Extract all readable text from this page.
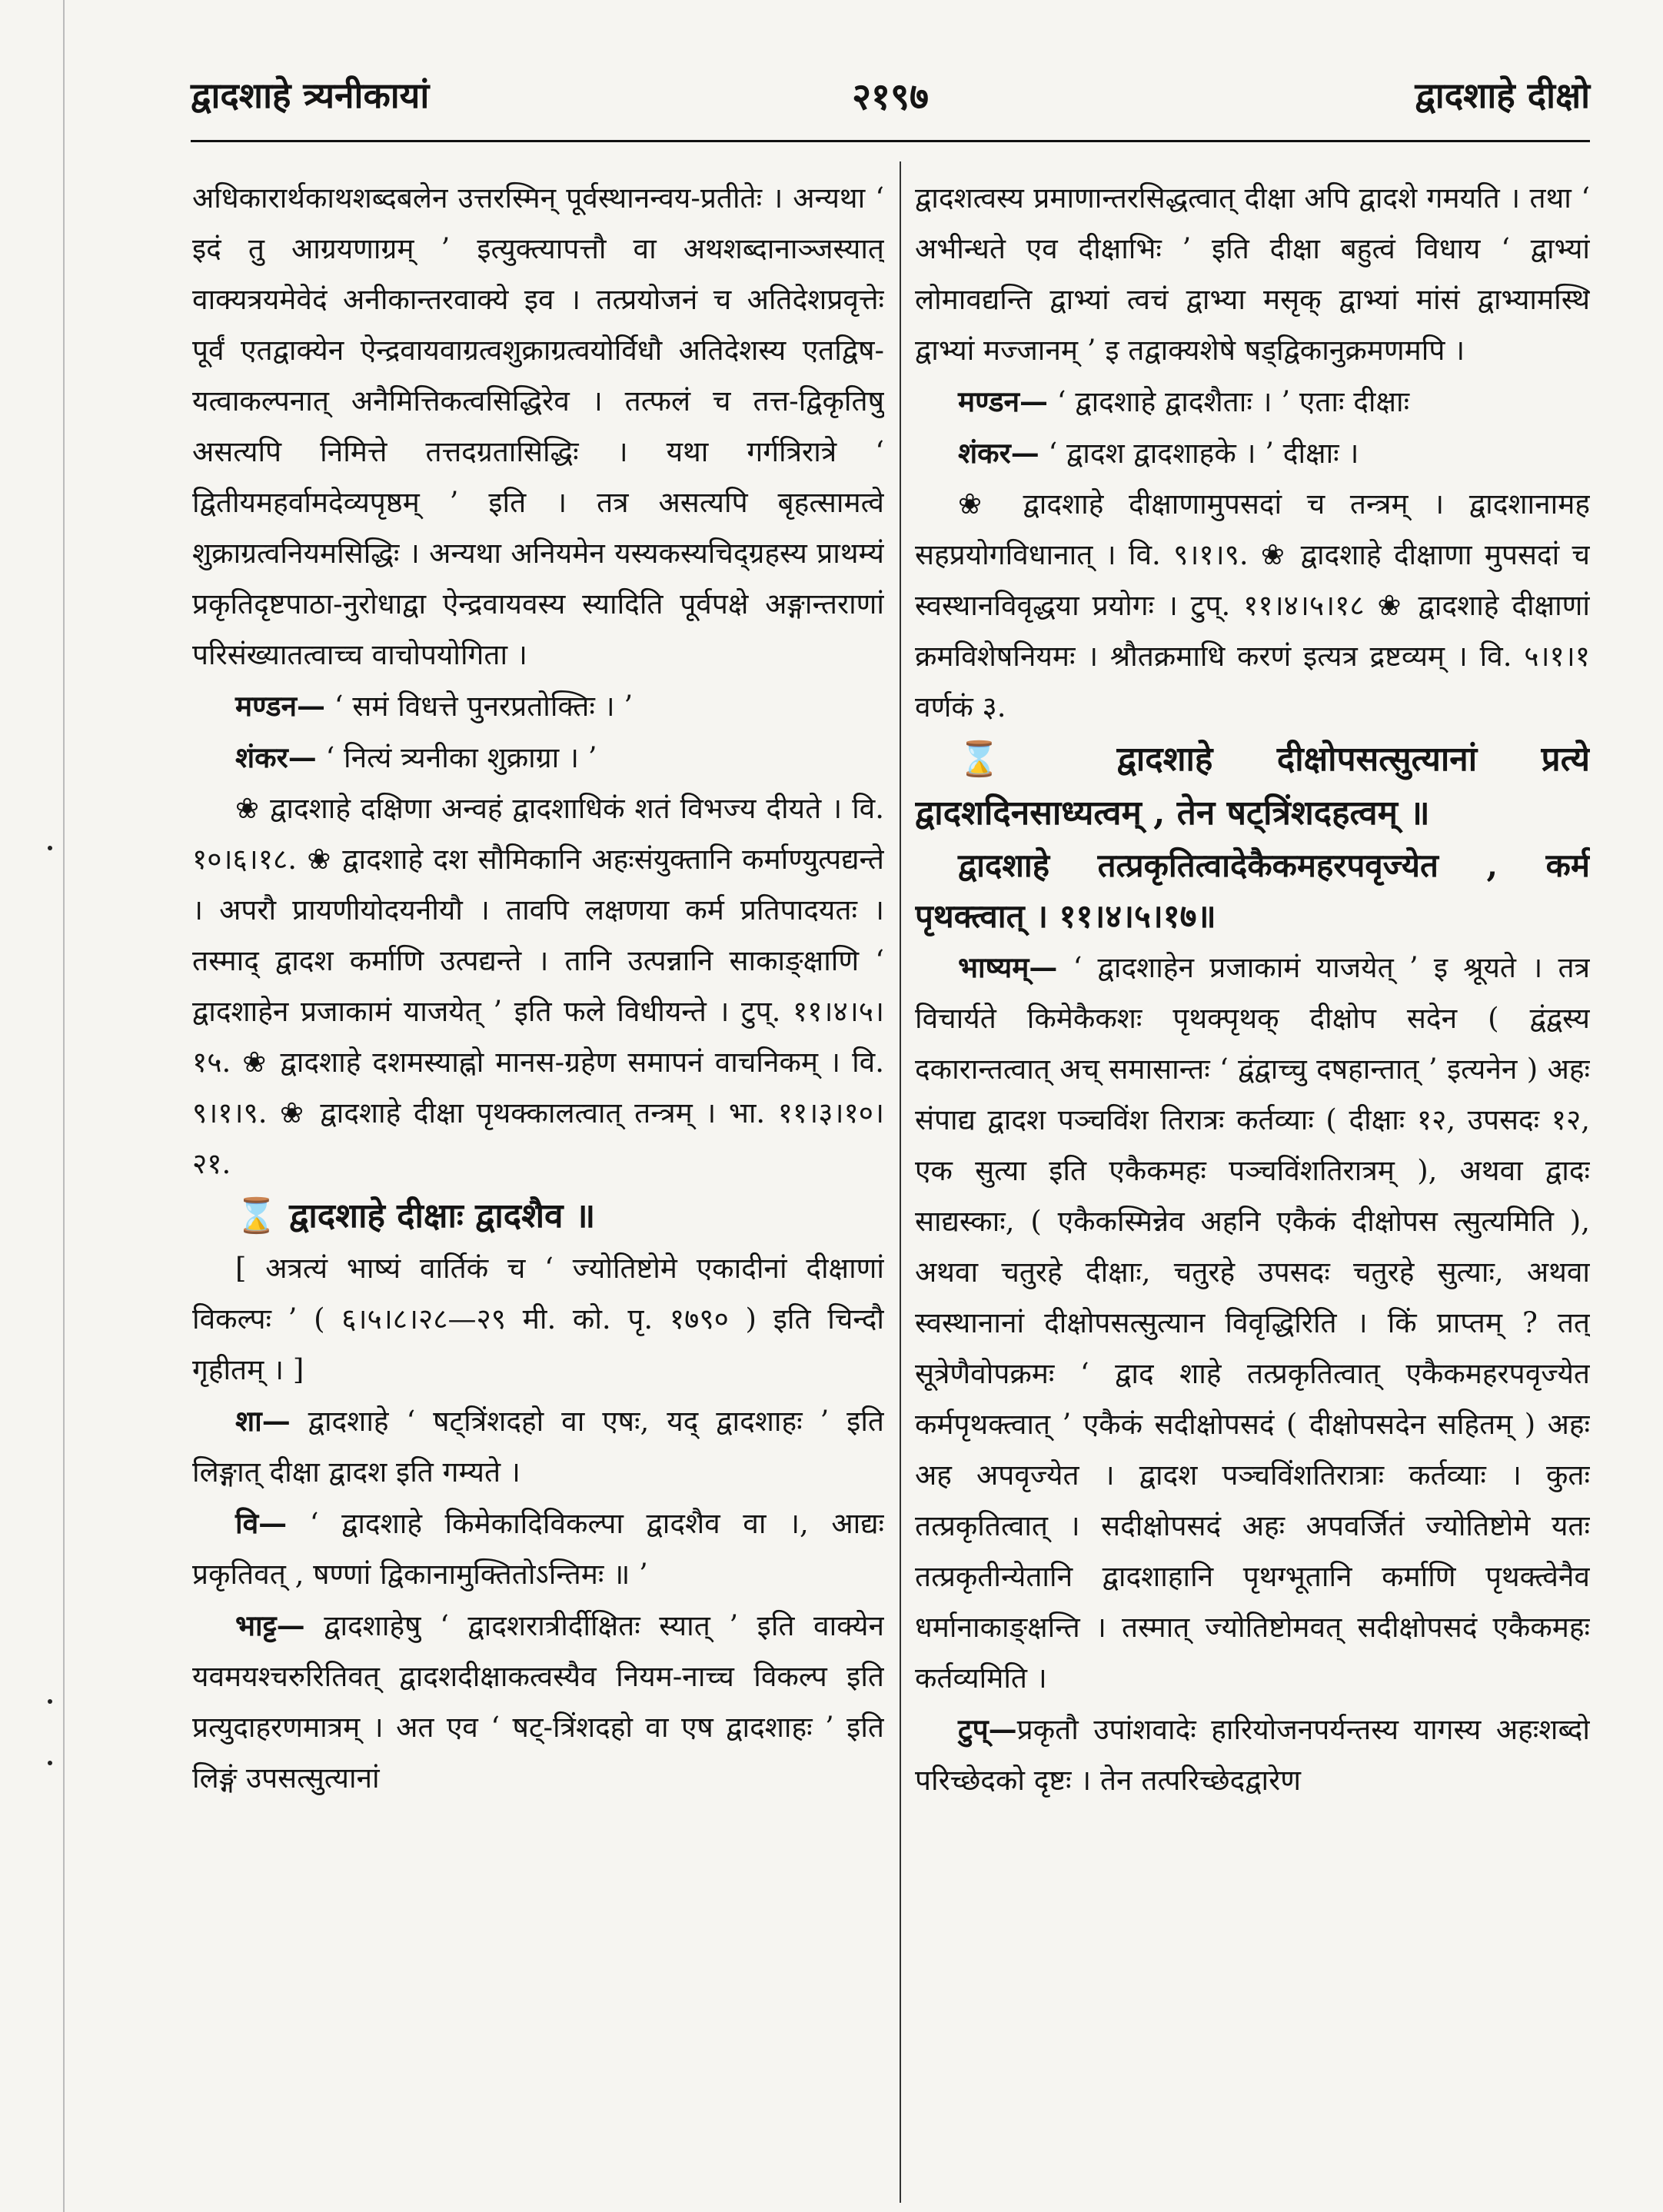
द्वादशाहे त्र्यनीकायां	२१९७	द्वादशाहे दीक्षो

अधिकारार्थकाथशब्दबलेन उत्तरस्मिन् पूर्वस्थानन्वय-प्रतीतेः । अन्यथा ‘ इदं तु आग्रयणाग्रम् ’ इत्युक्त्यापत्तौ वा अथशब्दानाञ्जस्यात् वाक्यत्रयमेवेदं अनीकान्तरवाक्ये इव । तत्प्रयोजनं च अतिदेशप्रवृत्तेः पूर्वं एतद्वाक्येन ऐन्द्रवायवाग्रत्वशुक्राग्रत्वयोर्विधौ अतिदेशस्य एतद्विष-यत्वाकल्पनात् अनैमित्तिकत्वसिद्धिरेव । तत्फलं च तत्त-द्विकृतिषु असत्यपि निमित्ते तत्तदग्रतासिद्धिः । यथा गर्गत्रिरात्रे ‘ द्वितीयमहर्वामदेव्यपृष्ठम् ’ इति । तत्र असत्यपि बृहत्सामत्वे शुक्राग्रत्वनियमसिद्धिः । अन्यथा अनियमेन यस्यकस्यचिद्ग्रहस्य प्राथम्यं प्रकृतिदृष्टपाठा-नुरोधाद्वा ऐन्द्रवायवस्य स्यादिति पूर्वपक्षे अङ्गान्तराणां परिसंख्यातत्वाच्च वाचोपयोगिता ।

मण्डन— ‘ समं विधत्ते पुनरप्रतोक्तिः । ’

शंकर— ‘ नित्यं त्र्यनीका शुक्राग्रा । ’

❀ द्वादशाहे दक्षिणा अन्वहं द्वादशाधिकं शतं विभज्य दीयते । वि. १०।६।१८. ❀ द्वादशाहे दश सौमिकानि अहःसंयुक्तानि कर्माण्युत्पद्यन्ते । अपरौ प्रायणीयोदयनीयौ । तावपि लक्षणया कर्म प्रतिपादयतः । तस्माद् द्वादश कर्माणि उत्पद्यन्ते । तानि उत्पन्नानि साकाङ्क्षाणि ‘ द्वादशाहेन प्रजाकामं याजयेत् ’ इति फले विधीयन्ते । टुप्. ११।४।५।१५. ❀ द्वादशाहे दशमस्याह्नो मानस-ग्रहेण समापनं वाचनिकम् । वि. ९।१।९. ❀ द्वादशाहे दीक्षा पृथक्कालत्वात् तन्त्रम् । भा. ११।३।१०।२१.

⌛ द्वादशाहे दीक्षाः द्वादशैव ॥

[ अत्रत्यं भाष्यं वार्तिकं च ‘ ज्योतिष्टोमे एकादीनां दीक्षाणां विकल्पः ’ ( ६।५।८।२८—२९ मी. को. पृ. १७९० ) इति चिन्दौ गृहीतम् । ]

शा— द्वादशाहे ‘ षट्त्रिंशदहो वा एषः, यद् द्वादशाहः ’ इति लिङ्गात् दीक्षा द्वादश इति गम्यते ।

वि— ‘ द्वादशाहे किमेकादिविकल्पा द्वादशैव वा ।, आद्यः प्रकृतिवत् , षण्णां द्विकानामुक्तितोऽन्तिमः ॥ ’

भाट्ट— द्वादशाहेषु ‘ द्वादशरात्रीर्दीक्षितः स्यात् ’ इति वाक्येन यवमयश्चरुरितिवत् द्वादशदीक्षाकत्वस्यैव नियम-नाच्च विकल्प इति प्रत्युदाहरणमात्रम् । अत एव ‘ षट्-त्रिंशदहो वा एष द्वादशाहः ’ इति लिङ्गं उपसत्सुत्यानां

द्वादशत्वस्य प्रमाणान्तरसिद्धत्वात् दीक्षा अपि द्वादशे गमयति । तथा ‘ अभीन्धते एव दीक्षाभिः ’ इति दीक्षा बहुत्वं विधाय ‘ द्वाभ्यां लोमावद्यन्ति द्वाभ्यां त्वचं द्वाभ्या मसृक् द्वाभ्यां मांसं द्वाभ्यामस्थि द्वाभ्यां मज्जानम् ’ इ तद्वाक्यशेषे षड्द्विकानुक्रमणमपि ।

मण्डन— ‘ द्वादशाहे द्वादशैताः । ’ एताः दीक्षाः

शंकर— ‘ द्वादश द्वादशाहके । ’ दीक्षाः ।

❀ द्वादशाहे दीक्षाणामुपसदां च तन्त्रम् । द्वादशानामह सहप्रयोगविधानात् । वि. ९।१।९. ❀ द्वादशाहे दीक्षाणा मुपसदां च स्वस्थानविवृद्धया प्रयोगः । टुप्. ११।४।५।१८ ❀ द्वादशाहे दीक्षाणां क्रमविशेषनियमः । श्रौतक्रमाधि करणं इत्यत्र द्रष्टव्यम् । वि. ५।१।१ वर्णकं ३.

⌛ द्वादशाहे दीक्षोपसत्सुत्यानां प्रत्ये द्वादशदिनसाध्यत्वम् , तेन षट्त्रिंशदहत्वम् ॥

द्वादशाहे तत्प्रकृतित्वादेकैकमहरपवृज्येत , कर्म पृथक्त्वात् । ११।४।५।१७॥

भाष्यम्— ‘ द्वादशाहेन प्रजाकामं याजयेत् ’ इ श्रूयते । तत्र विचार्यते किमेकैकशः पृथक्पृथक् दीक्षोप सदेन ( द्वंद्वस्य दकारान्तत्वात् अच् समासान्तः ‘ द्वंद्वाच्चु दषहान्तात् ’ इत्यनेन ) अहः संपाद्य द्वादश पञ्चविंश तिरात्रः कर्तव्याः ( दीक्षाः १२, उपसदः १२, एक सुत्या इति एकैकमहः पञ्चविंशतिरात्रम् ), अथवा द्वादः साद्यस्काः, ( एकैकस्मिन्नेव अहनि एकैकं दीक्षोपस त्सुत्यमिति ), अथवा चतुरहे दीक्षाः, चतुरहे उपसदः चतुरहे सुत्याः, अथवा स्वस्थानानां दीक्षोपसत्सुत्यान विवृद्धिरिति । किं प्राप्तम् ? तत् सूत्रेणैवोपक्रमः ‘ द्वाद शाहे तत्प्रकृतित्वात् एकैकमहरपवृज्येत कर्मपृथक्त्वात् ’ एकैकं सदीक्षोपसदं ( दीक्षोपसदेन सहितम् ) अहः अह अपवृज्येत । द्वादश पञ्चविंशतिरात्राः कर्तव्याः । कुतः तत्प्रकृतित्वात् । सदीक्षोपसदं अहः अपवर्जितं ज्योतिष्टोमे यतः तत्प्रकृतीन्येतानि द्वादशाहानि पृथग्भूतानि कर्माणि पृथक्त्वेनैव धर्मानाकाङ्क्षन्ति । तस्मात् ज्योतिष्टोमवत् सदीक्षोपसदं एकैकमहः कर्तव्यमिति ।

टुप्—प्रकृतौ उपांशवादेः हारियोजनपर्यन्तस्य यागस्य अहःशब्दो परिच्छेदको दृष्टः । तेन तत्परिच्छेदद्वारेण
